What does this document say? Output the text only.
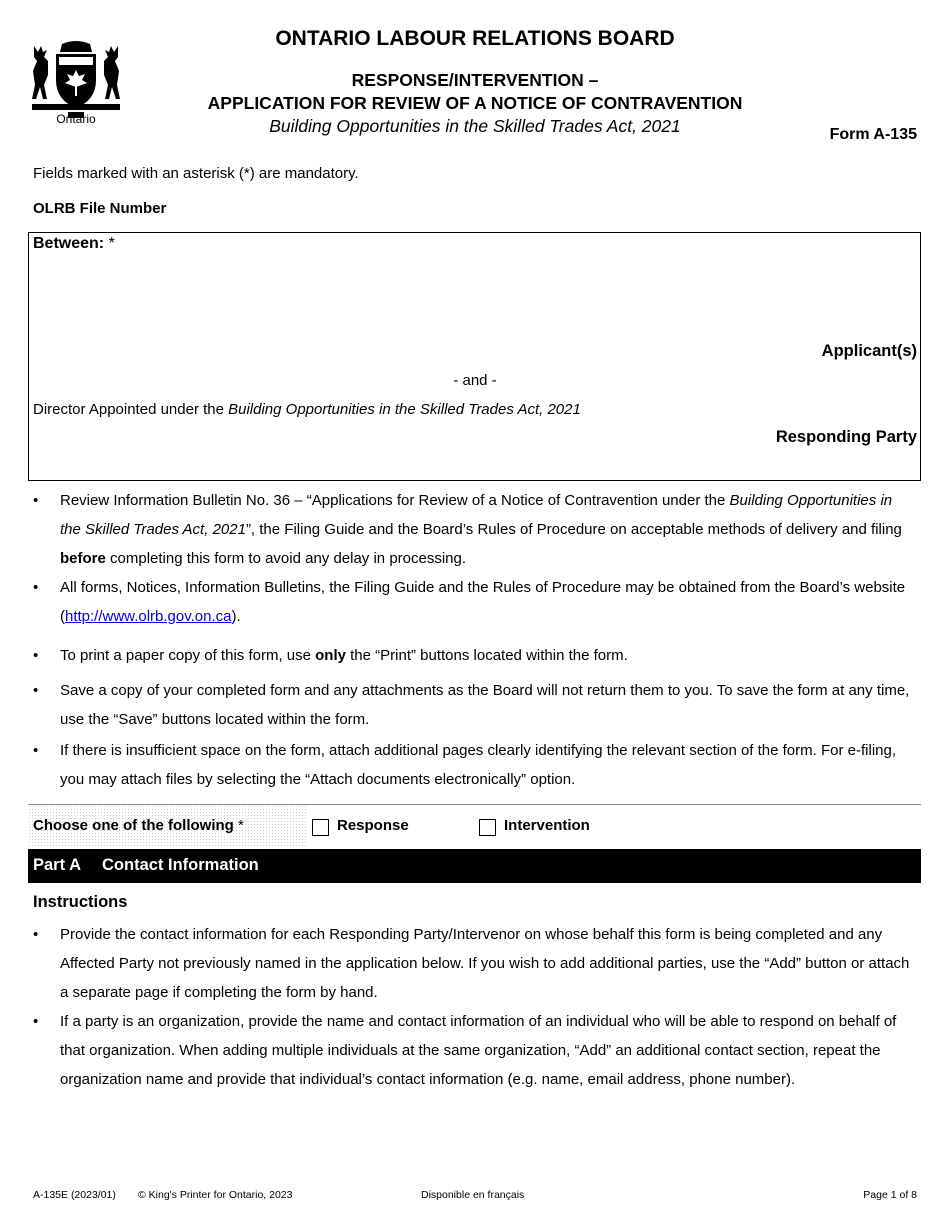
Ontario
ONTARIO LABOUR RELATIONS BOARD
RESPONSE/INTERVENTION –
APPLICATION FOR REVIEW OF A NOTICE OF CONTRAVENTION
Building Opportunities in the Skilled Trades Act, 2021	Form A-135
Fields marked with an asterisk (*) are mandatory.
OLRB File Number
Between: *
Applicant(s)
- and -
Director Appointed under the Building Opportunities in the Skilled Trades Act, 2021
Responding Party
• Review Information Bulletin No. 36 – “Applications for Review of a Notice of Contravention under the Building Opportunities in the Skilled Trades Act, 2021”, the Filing Guide and the Board’s Rules of Procedure on acceptable methods of delivery and filing before completing this form to avoid any delay in processing.
• All forms, Notices, Information Bulletins, the Filing Guide and the Rules of Procedure may be obtained from the Board’s website (http://www.olrb.gov.on.ca).
• To print a paper copy of this form, use only the “Print” buttons located within the form.
• Save a copy of your completed form and any attachments as the Board will not return them to you. To save the form at any time, use the “Save” buttons located within the form.
• If there is insufficient space on the form, attach additional pages clearly identifying the relevant section of the form. For e-filing, you may attach files by selecting the “Attach documents electronically” option.
Choose one of the following *	Response	Intervention
Part A Contact Information
Instructions
• Provide the contact information for each Responding Party/Intervenor on whose behalf this form is being completed and any Affected Party not previously named in the application below. If you wish to add additional parties, use the “Add” button or attach a separate page if completing the form by hand.
• If a party is an organization, provide the name and contact information of an individual who will be able to respond on behalf of that organization. When adding multiple individuals at the same organization, “Add” an additional contact section, repeat the organization name and provide that individual’s contact information (e.g. name, email address, phone number).
A-135E (2023/01) © King's Printer for Ontario, 2023	Disponible en français	Page 1 of 8
